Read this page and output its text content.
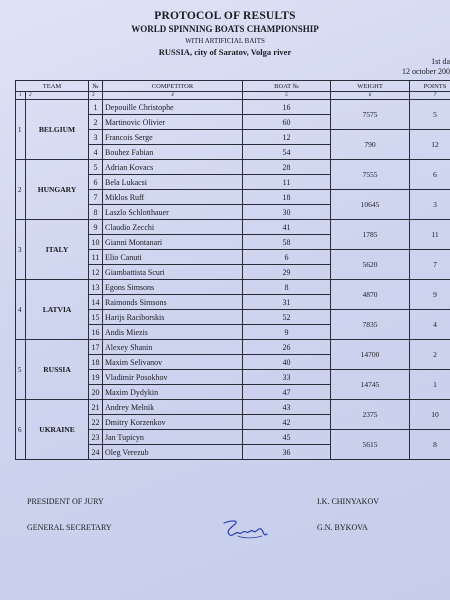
PROTOCOL OF RESULTS
WORLD SPINNING BOATS CHAMPIONSHIP
WITH ARTIFICIAL BAITS
RUSSIA, city of Saratov, Volga river
1st da
12 october 200
TEAM		№	COMPETITOR	BOAT №	WEIGHT	POINTS
1	2	3	4	5	6	7
1	BELGIUM	1	Depouille Christophe	16	7575	5
		2	Martinovic Olivier	60		
		3	Francois Serge	12	790	12
		4	Bouhez Fabian	54		
2	HUNGARY	5	Adrian Kovacs	28	7555	6
		6	Bela Lukacsi	11		
		7	Miklos Ruff	18	10645	3
		8	Laszlo Schlotthauer	30		
3	ITALY	9	Claudio Zecchi	41	1785	11
		10	Gianni Montanari	58		
		11	Elio Canuti	6	5620	7
		12	Giambattista Scuri	29		
4	LATVIA	13	Egons Simsons	8	4870	9
		14	Raimonds Simsons	31		
		15	Harijs Raciborskis	52	7835	4
		16	Andis Miezis	9		
5	RUSSIA	17	Alexey Shanin	26	14700	2
		18	Maxim Selivanov	40		
		19	Vladimir Posokhov	33	14745	1
		20	Maxim Dydykin	47		
6	UKRAINE	21	Andrey Melnik	43	2375	10
		22	Dmitry Korzenkov	42		
		23	Jan Tupicyn	45	5615	8
		24	Oleg Verezub	36		
PRESIDENT OF JURY	I.K. CHINYAKOV
GENERAL SECRETARY	G.N. BYKOVA
